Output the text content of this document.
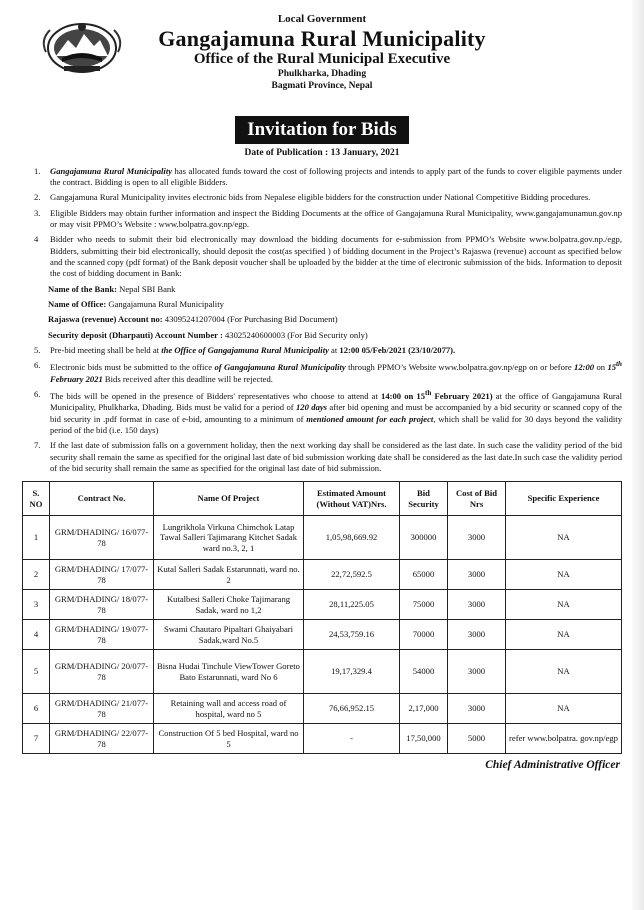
Local Government
Gangajamuna Rural Municipality
Office of the Rural Municipal Executive
Phulkharka, Dhading
Bagmati Province, Nepal
Invitation for Bids
Date of Publication : 13 January, 2021
1.	Gangajamuna Rural Municipality has allocated funds toward the cost of following projects and intends to apply part of the funds to cover eligible payments under the contract. Bidding is open to all eligible Bidders.
2.	Gangajamuna Rural Municipality invites electronic bids from Nepalese eligible bidders for the construction under National Competitive Bidding procedures.
3.	Eligible Bidders may obtain further information and inspect the Bidding Documents at the office of Gangajamuna Rural Municipality, www.gangajamunamun.gov.np or may visit PPMO’s Website : www.bolpatra.gov.np/egp.
4	Bidder who needs to submit their bid electronically may download the bidding documents for e-submission from PPMO’s Website www.bolpatra.gov.np./egp, Bidders, submitting their bid electronically, should deposit the cost(as specified ) of bidding document in the Project’s Rajaswa (revenue) account as specified below and the scanned copy (pdf format) of the Bank deposit voucher shall be uploaded by the bidder at the time of electronic submission of the bids. Information to deposit the cost of bidding document in Bank:
Name of the Bank: Nepal SBI Bank
Name of Office: Gangajamuna Rural Municipality
Rajaswa (revenue) Account no: 43095241207004 (For Purchasing Bid Document)
Security deposit (Dharpauti) Account Number : 43025240600003 (For Bid Security only)
5.	Pre-bid meeting shall be held at the Office of Gangajamuna Rural Municipality at 12:00 05/Feb/2021 (23/10/2077).
6.	Electronic bids must be submitted to the office of Gangajamuna Rural Municipality through PPMO’s Website www.bolpatra.gov.np/egp on or before 12:00 on 15th February 2021 Bids received after this deadline will be rejected.
6.	The bids will be opened in the presence of Bidders' representatives who choose to attend at 14:00 on 15th February 2021) at the office of Gangajamuna Rural Municipality, Phulkharka, Dhading. Bids must be valid for a period of 120 days after bid opening and must be accompanied by a bid security or scanned copy of the bid security in .pdf format in case of e-bid, amounting to a minimum of mentioned amount for each project, which shall be valid for 30 days beyond the validity period of the bid (i.e. 150 days)
7.	If the last date of submission falls on a government holiday, then the next working day shall be considered as the last date. In such case the validity period of the bid security shall remain the same as specified for the original last date of bid submission working date shall be considered as the last date.In such case the validity period of the bid security shall remain the same as specified for the original last date of bid submission.
S. NO	Contract No.	Name Of Project	Estimated Amount (Without VAT)Nrs.	Bid Security	Cost of Bid Nrs	Specific Experience
1	GRM/DHADING/ 16/077-78	Lungrikhola Virkuna Chimchok Latap Tawal Salleri Tajimarang Kitchet Sadak ward no.3, 2, 1	1,05,98,669.92	300000	3000	NA
2	GRM/DHADING/ 17/077-78	Kutal Salleri Sadak Estarunnati, ward no. 2	22,72,592.5	65000	3000	NA
3	GRM/DHADING/ 18/077-78	Kutalbesi Salleri Choke Tajimarang Sadak, ward no 1,2	28,11,225.05	75000	3000	NA
4	GRM/DHADING/ 19/077-78	Swami Chautaro Pipaltari Ghaiyabari Sadak,ward No.5	24,53,759.16	70000	3000	NA
5	GRM/DHADING/ 20/077-78	Bisna Hudai Tinchule ViewTower Goreto Bato Estarunnati, ward No 6	19,17,329.4	54000	3000	NA
6	GRM/DHADING/ 21/077-78	Retaining wall and access road of hospital, ward no 5	76,66,952.15	2,17,000	3000	NA
7	GRM/DHADING/ 22/077-78	Construction Of 5 bed Hospital, ward no 5	-	17,50,000	5000	refer www.bolpatra. gov.np/egp
Chief Administrative Officer
